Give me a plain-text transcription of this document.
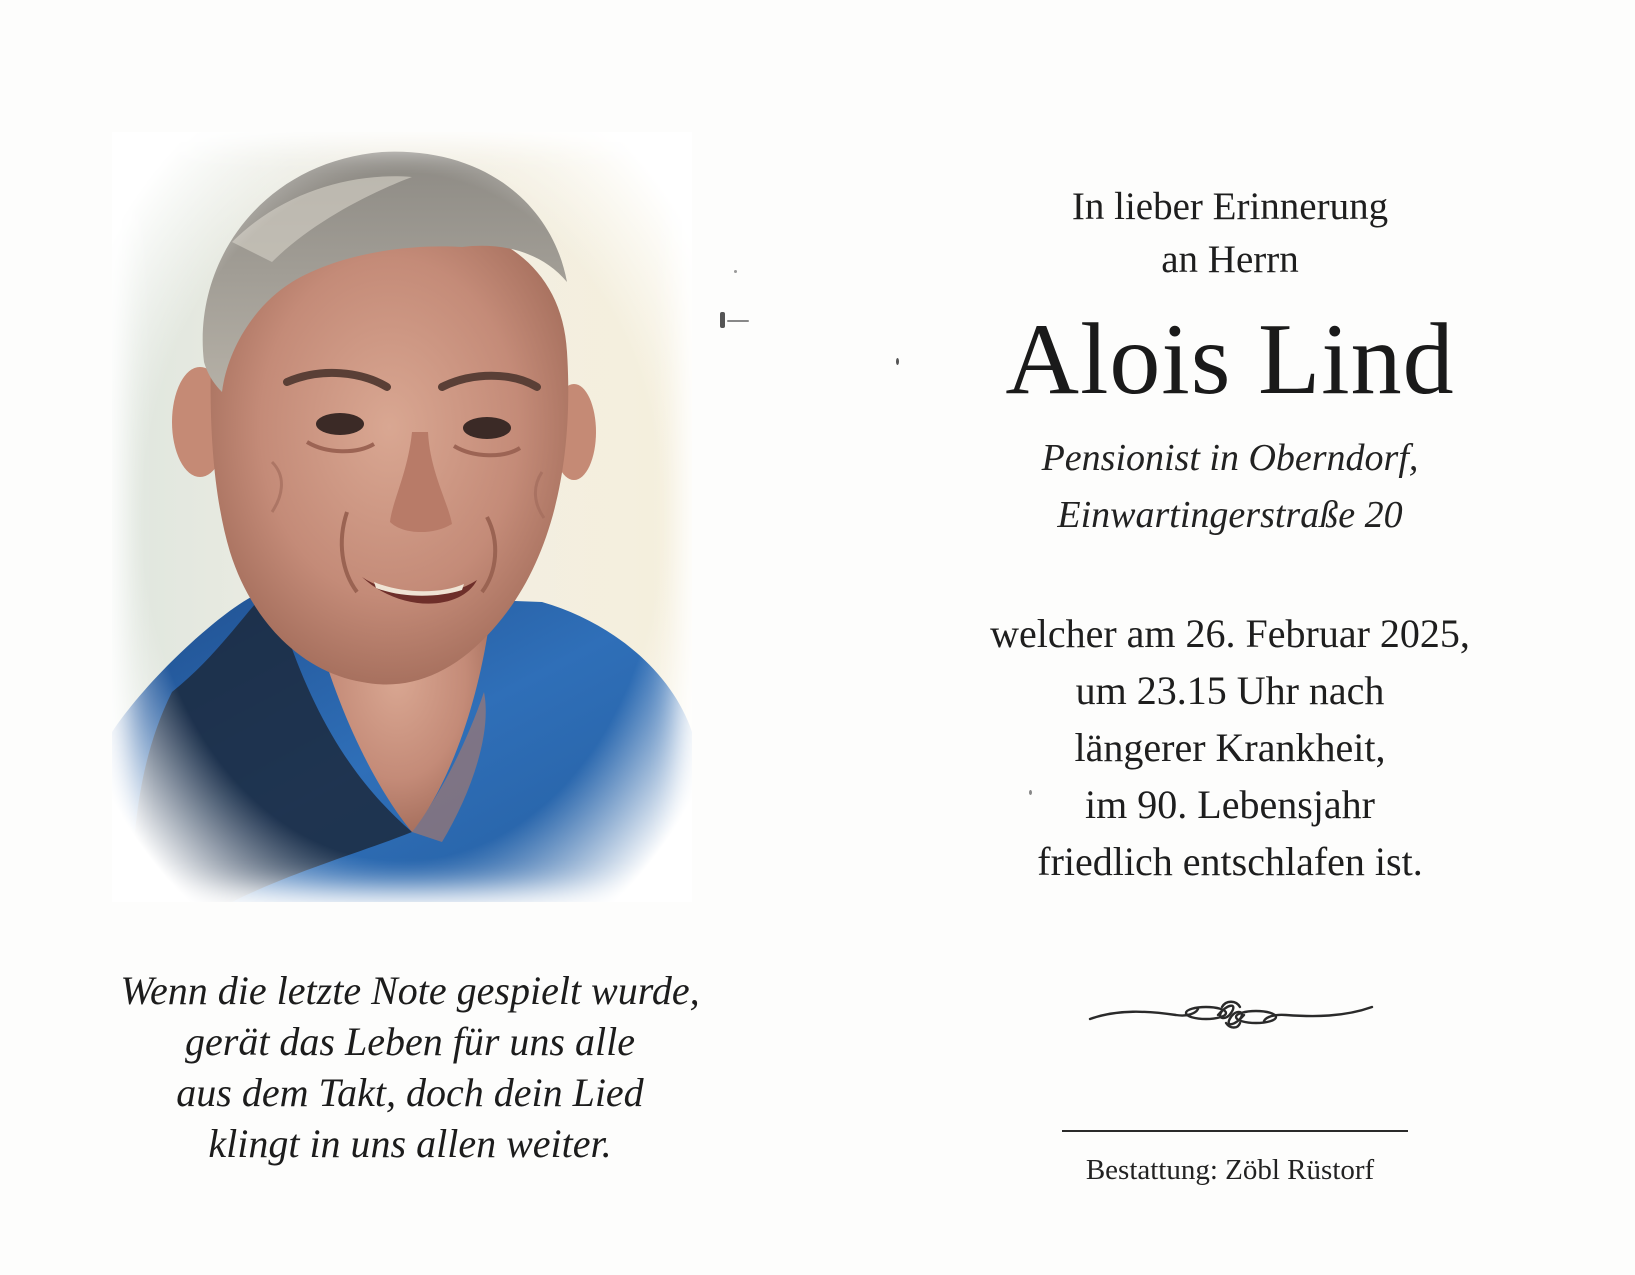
Wenn die letzte Note gespielt wurde,
gerät das Leben für uns alle
aus dem Takt, doch dein Lied
klingt in uns allen weiter.
In lieber Erinnerung
an Herrn
Alois Lind
Pensionist in Oberndorf,
Einwartingerstraße 20
welcher am 26. Februar 2025,
um 23.15 Uhr nach
längerer Krankheit,
im 90. Lebensjahr
friedlich entschlafen ist.
Bestattung: Zöbl Rüstorf
